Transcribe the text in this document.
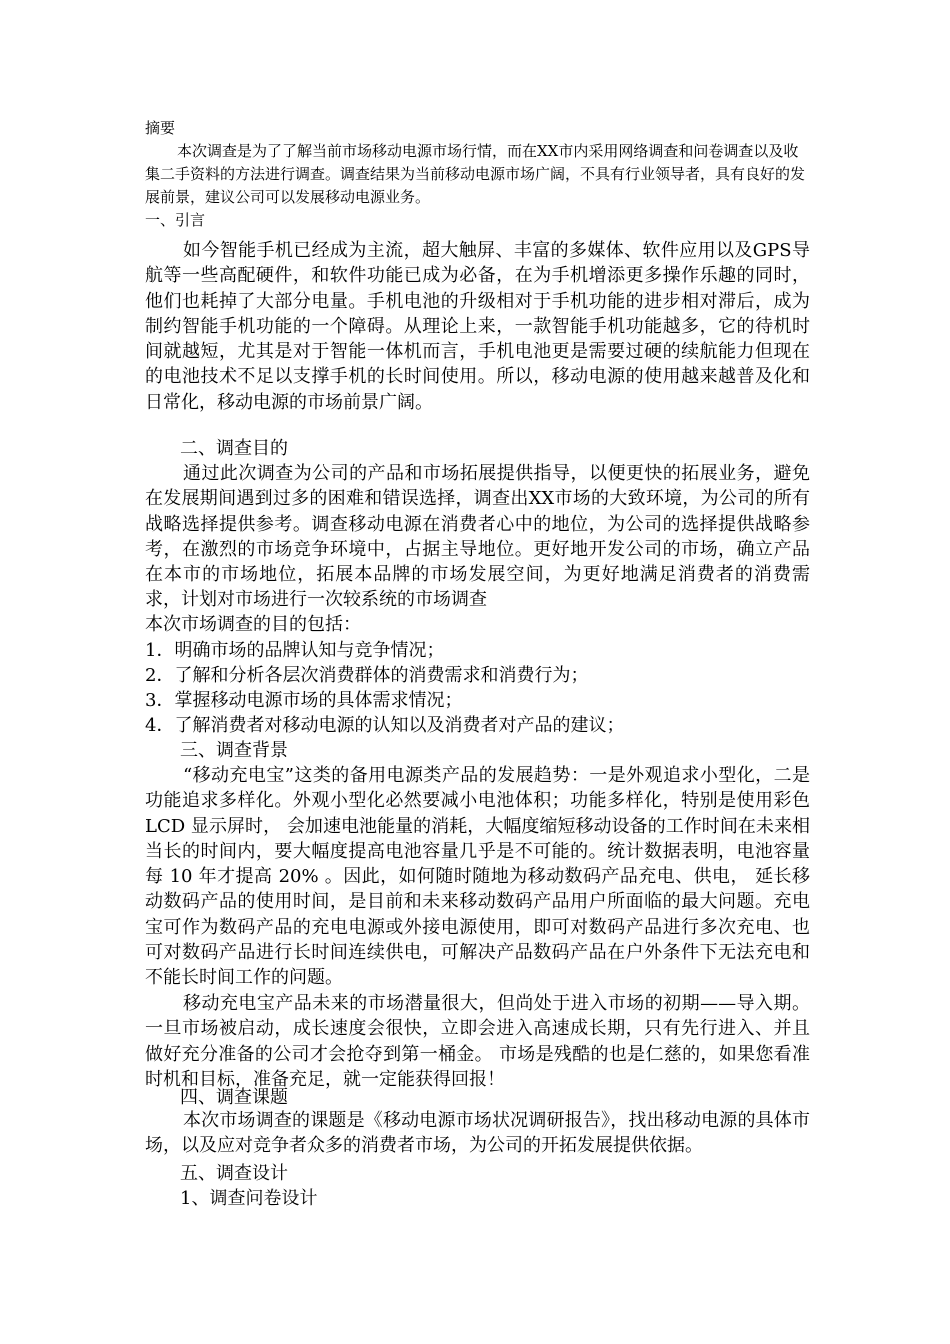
摘要

本次调查是为了了解当前市场移动电源市场行情，而在XX市内采用网络调查和问卷调查以及收集二手资料的方法进行调查。调查结果为当前移动电源市场广阔，不具有行业领导者，具有良好的发展前景，建议公司可以发展移动电源业务。

一、引言

如今智能手机已经成为主流，超大触屏、丰富的多媒体、软件应用以及GPS导航等一些高配硬件，和软件功能已成为必备，在为手机增添更多操作乐趣的同时，他们也耗掉了大部分电量。手机电池的升级相对于手机功能的进步相对滞后，成为制约智能手机功能的一个障碍。从理论上来，一款智能手机功能越多，它的待机时间就越短，尤其是对于智能一体机而言，手机电池更是需要过硬的续航能力但现在的电池技术不足以支撑手机的长时间使用。所以，移动电源的使用越来越普及化和日常化，移动电源的市场前景广阔。

二、调查目的

通过此次调查为公司的产品和市场拓展提供指导，以便更快的拓展业务，避免在发展期间遇到过多的困难和错误选择，调查出XX市场的大致环境，为公司的所有战略选择提供参考。调查移动电源在消费者心中的地位，为公司的选择提供战略参考，在激烈的市场竞争环境中，占据主导地位。更好地开发公司的市场，确立产品在本市的市场地位，拓展本品牌的市场发展空间，为更好地满足消费者的消费需求，计划对市场进行一次较系统的市场调查

本次市场调查的目的包括：
1．明确市场的品牌认知与竞争情况；
2．了解和分析各层次消费群体的消费需求和消费行为；
3．掌握移动电源市场的具体需求情况；
4．了解消费者对移动电源的认知以及消费者对产品的建议；
三、调查背景

“移动充电宝”这类的备用电源类产品的发展趋势：一是外观追求小型化，二是功能追求多样化。外观小型化必然要减小电池体积；功能多样化，特别是使用彩色 LCD 显示屏时， 会加速电池能量的消耗，大幅度缩短移动设备的工作时间在未来相当长的时间内，要大幅度提高电池容量几乎是不可能的。统计数据表明，电池容量每 10 年才提高 20% 。因此，如何随时随地为移动数码产品充电、供电， 延长移动数码产品的使用时间，是目前和未来移动数码产品用户所面临的最大问题。充电宝可作为数码产品的充电电源或外接电源使用，即可对数码产品进行多次充电、也可对数码产品进行长时间连续供电，可解决产品数码产品在户外条件下无法充电和不能长时间工作的问题。

移动充电宝产品未来的市场潜量很大，但尚处于进入市场的初期——导入期。一旦市场被启动，成长速度会很快，立即会进入高速成长期，只有先行进入、并且做好充分准备的公司才会抢夺到第一桶金。 市场是残酷的也是仁慈的，如果您看准时机和目标，准备充足，就一定能获得回报！

四、调查课题

本次市场调查的课题是《移动电源市场状况调研报告》，找出移动电源的具体市场，以及应对竞争者众多的消费者市场，为公司的开拓发展提供依据。

五、调查设计
1、调查问卷设计
